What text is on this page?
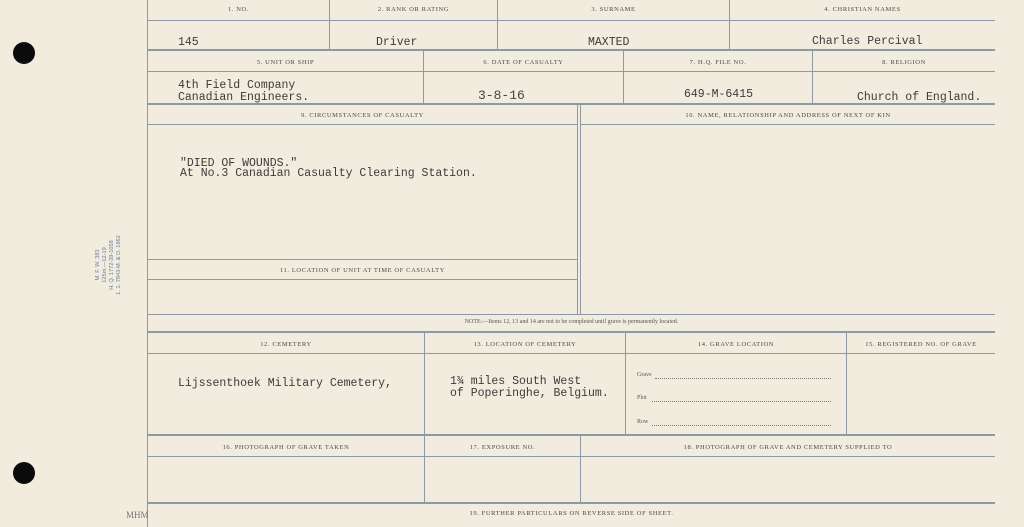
M. F. W. 383 125m.—12-19 H. Q. 1772-39-1058 1. 1. 7843-M. & D. 1962
1. NO.	2. RANK OR RATING	3. SURNAME	4. CHRISTIAN NAMES
145	Driver	MAXTED	Charles Percival
5. UNIT OR SHIP	6. DATE OF CASUALTY	7. H.Q. FILE NO.	8. RELIGION
4th Field Company
Canadian Engineers.	3-8-16	649-M-6415	Church of England.
9. CIRCUMSTANCES OF CASUALTY	10. NAME, RELATIONSHIP AND ADDRESS OF NEXT OF KIN
"DIED OF WOUNDS."
At No.3 Canadian Casualty Clearing Station.
11. LOCATION OF UNIT AT TIME OF CASUALTY
NOTE:—Items 12, 13 and 14 are not to be completed until grave is permanently located.
12. CEMETERY	13. LOCATION OF CEMETERY	14. GRAVE LOCATION	15. REGISTERED NO. OF GRAVE
Lijssenthoek Military Cemetery,	1¾ miles South West
of Poperinghe, Belgium.
Grave
Plot
Row
16. PHOTOGRAPH OF GRAVE TAKEN	17. EXPOSURE NO.	18. PHOTOGRAPH OF GRAVE AND CEMETERY SUPPLIED TO
19. FURTHER PARTICULARS ON REVERSE SIDE OF SHEET.
MHM
